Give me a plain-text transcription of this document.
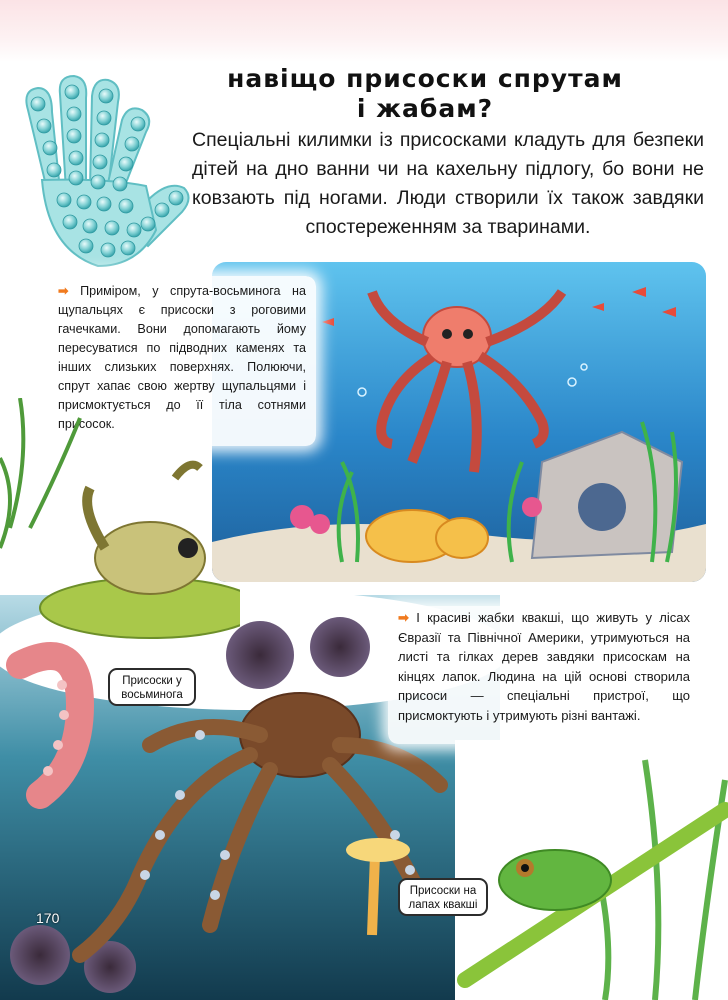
навіщо присоски спрутам
і жабам?
Спеціальні килимки із присосками кладуть для безпеки дітей на дно ванни чи на кахельну підлогу, бо вони не ковзають під ногами. Люди створили їх також завдяки спостереженням за тваринами.
➡ Приміром, у спрута-восьминога на щупальцях є присоски з роговими гачечками. Вони допомагають йому пересуватися по підводних каменях та інших слизьких поверхнях. Полюючи, спрут хапає свою жертву щупальцями і присмоктується до її тіла сотнями присосок.
➡ І красиві жабки квакші, що живуть у лісах Євразії та Північної Америки, утримуються на листі та гілках дерев завдяки присоскам на кінцях лапок. Людина на цій основі створила присоси — спеціальні пристрої, що присмоктують і утримують різні вантажі.
Присоски у восьминога
Присоски на лапах квакші
170
